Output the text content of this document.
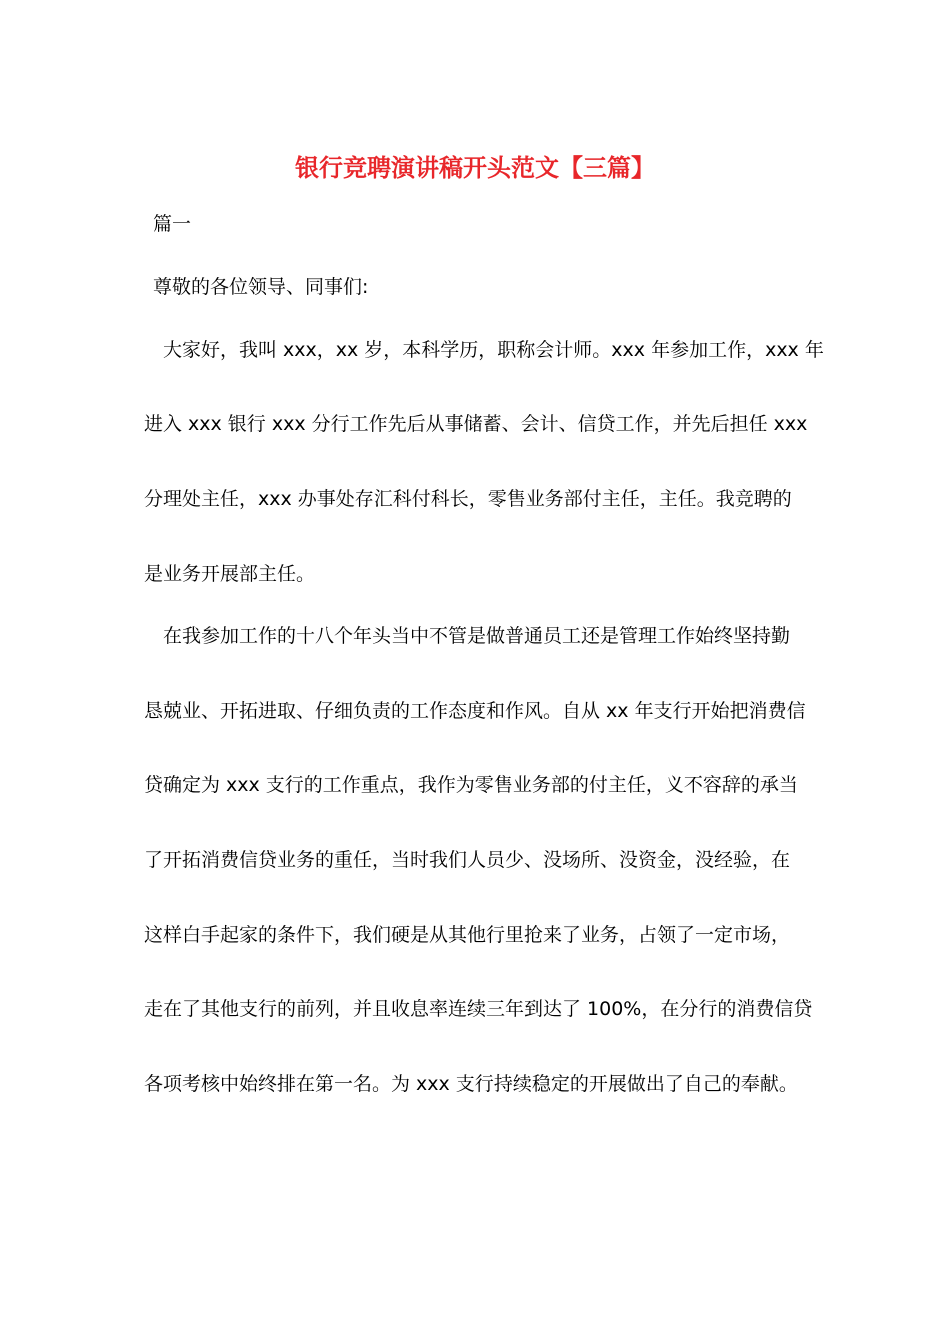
银行竞聘演讲稿开头范文【三篇】
篇一
尊敬的各位领导、同事们:
大家好，我叫 xxx，xx 岁，本科学历，职称会计师。xxx 年参加工作，xxx 年
进入 xxx 银行 xxx 分行工作先后从事储蓄、会计、信贷工作，并先后担任 xxx
分理处主任，xxx 办事处存汇科付科长，零售业务部付主任，主任。我竞聘的
是业务开展部主任。
在我参加工作的十八个年头当中不管是做普通员工还是管理工作始终坚持勤
恳兢业、开拓进取、仔细负责的工作态度和作风。自从 xx 年支行开始把消费信
贷确定为 xxx 支行的工作重点，我作为零售业务部的付主任，义不容辞的承当
了开拓消费信贷业务的重任，当时我们人员少、没场所、没资金，没经验，在
这样白手起家的条件下，我们硬是从其他行里抢来了业务，占领了一定市场，
走在了其他支行的前列，并且收息率连续三年到达了 100%，在分行的消费信贷
各项考核中始终排在第一名。为 xxx 支行持续稳定的开展做出了自己的奉献。
